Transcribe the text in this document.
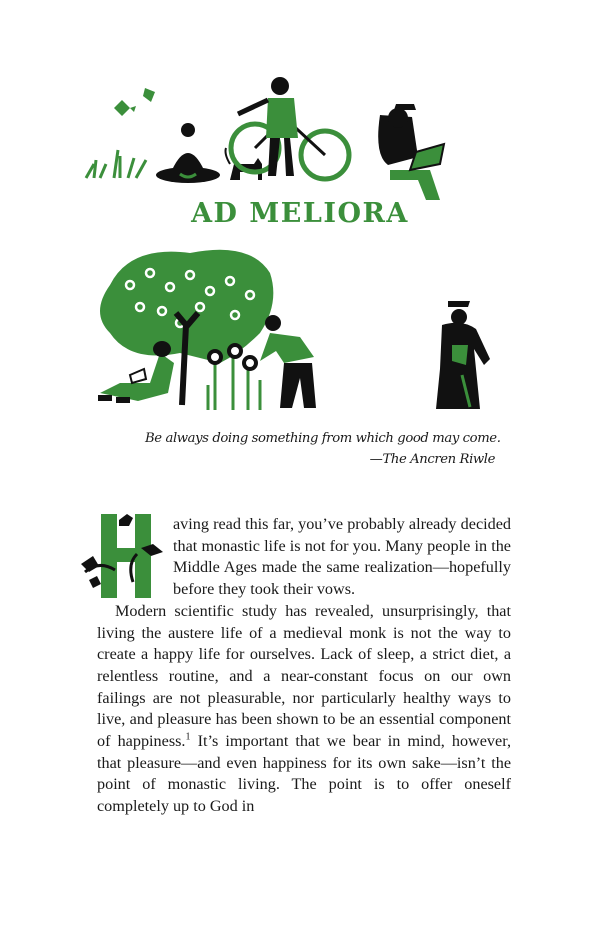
AD MELIORA
Be always doing something from which good may come.
—The Ancren Riwle

aving read this far, you’ve probably already decided that monastic life is not for you. Many people in the Middle Ages made the same realization—hopefully before they took their vows.

Modern scientific study has revealed, unsurprisingly, that living the austere life of a medieval monk is not the way to create a happy life for ourselves. Lack of sleep, a strict diet, a relentless routine, and a near-constant focus on our own failings are not pleasurable, nor particularly healthy ways to live, and pleasure has been shown to be an essential component of happiness.$^1$ It’s important that we bear in mind, however, that pleasure—and even happiness for its own sake—isn’t the point of monastic living. The point is to offer oneself completely up to God in
